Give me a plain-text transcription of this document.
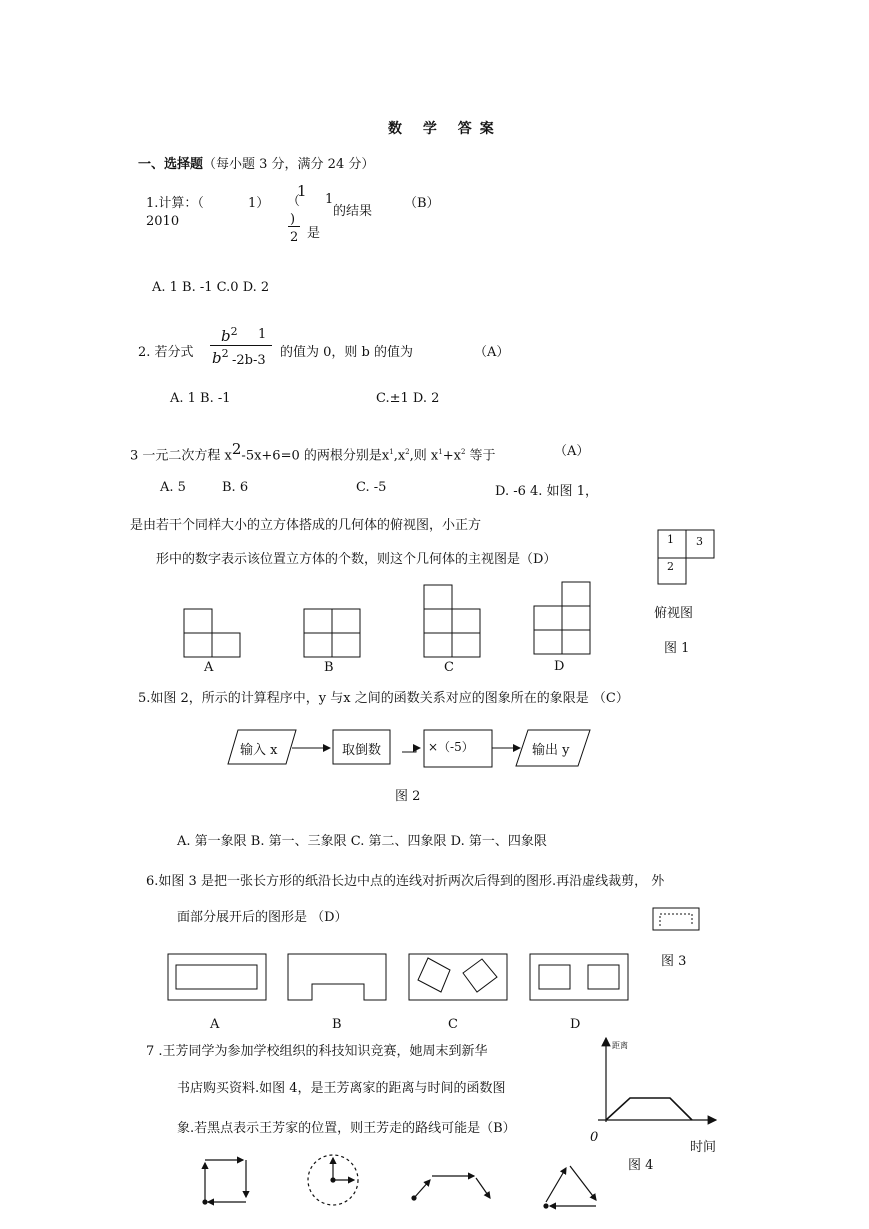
数 学 答案
一、选择题（每小题 3 分，满分 24 分）
1.计算：（	1） （
1 1
的结果
（B）
2010	)
2 是
A. 1 B. -1 C.0 D. 2
2. 若分式
$b^2$ 1
$b^2$ -2b-3
的值为 0，则 b 的值为	（A）
A. 1 B. -1	C.±1 D. 2
3 一元二次方程 $x^2-5x+6=0$ 的两根分别是$x^1,x^2$,则 $x^1+x^2$ 等于	（A）
A. 5	B. 6	C. -5	D. -6 4. 如图 1，
是由若干个同样大小的立方体搭成的几何体的俯视图，小正方
形中的数字表示该位置立方体的个数，则这个几何体的主视图是（D）
1 3
2
俯视图
图 1
A	B	C	D
5.如图 2，所示的计算程序中，y 与x 之间的函数关系对应的图象所在的象限是 （C）
输入 x	取倒数	×（-5）	输出 y
图 2
A. 第一象限 B. 第一、三象限 C. 第二、四象限 D. 第一、四象限
6.如图 3 是把一张长方形的纸沿长边中点的连线对折两次后得到的图形.再沿虚线裁剪， 外
面部分展开后的图形是 （D）
图 3
A	B	C	D
7 .王芳同学为参加学校组织的科技知识竞赛，她周末到新华
书店购买资料.如图 4，是王芳离家的距离与时间的函数图
象.若黑点表示王芳家的位置，则王芳走的路线可能是（B）
距离
0
时间
图 4
